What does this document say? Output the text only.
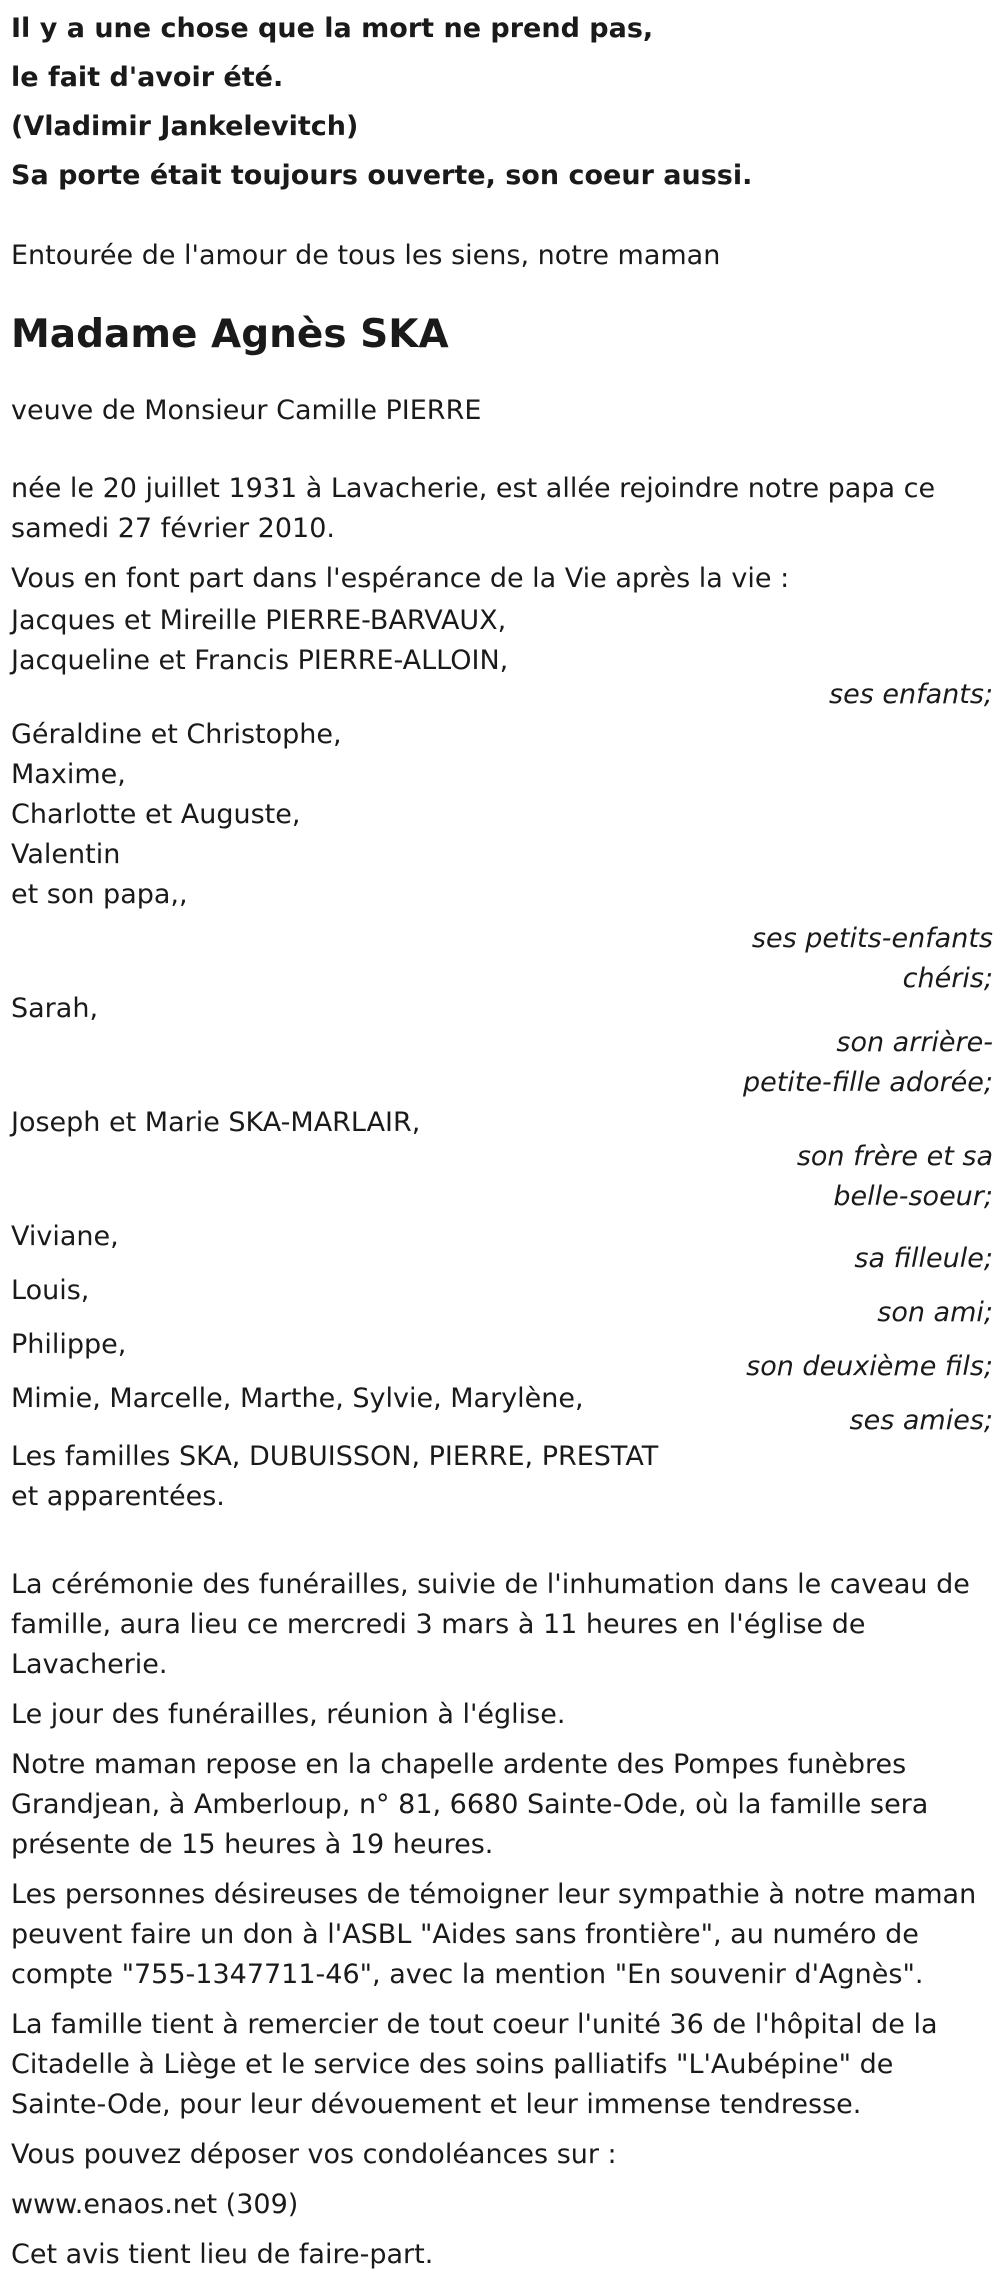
Il y a une chose que la mort ne prend pas,
le fait d'avoir été.
(Vladimir Jankelevitch)
Sa porte était toujours ouverte, son coeur aussi.
Entourée de l'amour de tous les siens, notre maman
Madame Agnès SKA
veuve de Monsieur Camille PIERRE
née le 20 juillet 1931 à Lavacherie, est allée rejoindre notre papa ce samedi 27 février 2010.
Vous en font part dans l'espérance de la Vie après la vie :
Jacques et Mireille PIERRE-BARVAUX,
Jacqueline et Francis PIERRE-ALLOIN,
ses enfants;
Géraldine et Christophe,
Maxime,
Charlotte et Auguste,
Valentin
et son papa,,
ses petits-enfants
chéris;
Sarah,
son arrière-
petite-fille adorée;
Joseph et Marie SKA-MARLAIR,
son frère et sa
belle-soeur;
Viviane,
sa filleule;
Louis,
son ami;
Philippe,
son deuxième fils;
Mimie, Marcelle, Marthe, Sylvie, Marylène,
ses amies;
Les familles SKA, DUBUISSON, PIERRE, PRESTAT
et apparentées.
La cérémonie des funérailles, suivie de l'inhumation dans le caveau de famille, aura lieu ce mercredi 3 mars à 11 heures en l'église de Lavacherie.
Le jour des funérailles, réunion à l'église.
Notre maman repose en la chapelle ardente des Pompes funèbres Grandjean, à Amberloup, n° 81, 6680 Sainte-Ode, où la famille sera présente de 15 heures à 19 heures.
Les personnes désireuses de témoigner leur sympathie à notre maman peuvent faire un don à l'ASBL "Aides sans frontière", au numéro de compte "755-1347711-46", avec la mention "En souvenir d'Agnès".
La famille tient à remercier de tout coeur l'unité 36 de l'hôpital de la Citadelle à Liège et le service des soins palliatifs "L'Aubépine" de Sainte-Ode, pour leur dévouement et leur immense tendresse.
Vous pouvez déposer vos condoléances sur :
www.enaos.net (309)
Cet avis tient lieu de faire-part.
